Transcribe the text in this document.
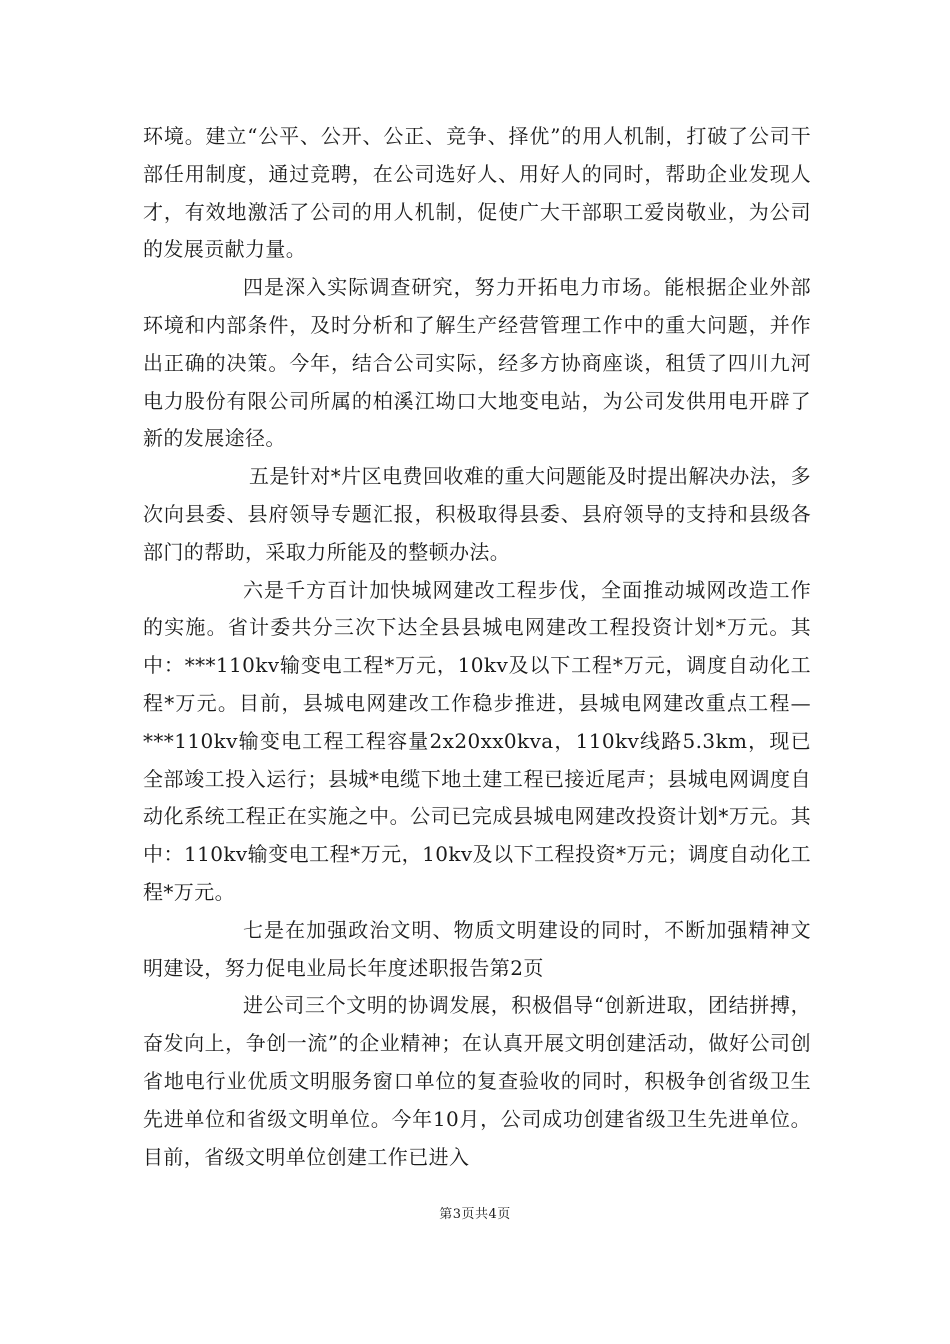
环境。建立“公平、公开、公正、竞争、择优”的用人机制，打破了公司干部任用制度，通过竞聘，在公司选好人、用好人的同时，帮助企业发现人才，有效地激活了公司的用人机制，促使广大干部职工爱岗敬业，为公司的发展贡献力量。

四是深入实际调查研究，努力开拓电力市场。能根据企业外部环境和内部条件，及时分析和了解生产经营管理工作中的重大问题，并作出正确的决策。今年，结合公司实际，经多方协商座谈，租赁了四川九河电力股份有限公司所属的柏溪江坳口大地变电站，为公司发供用电开辟了新的发展途径。

五是针对*片区电费回收难的重大问题能及时提出解决办法，多次向县委、县府领导专题汇报，积极取得县委、县府领导的支持和县级各部门的帮助，采取力所能及的整顿办法。

六是千方百计加快城网建改工程步伐，全面推动城网改造工作的实施。省计委共分三次下达全县县城电网建改工程投资计划*万元。其中：***110kv输变电工程*万元，10kv及以下工程*万元，调度自动化工程*万元。目前，县城电网建改工作稳步推进，县城电网建改重点工程—***110kv输变电工程工程容量2x20xx0kva，110kv线路5.3km，现已全部竣工投入运行；县城*电缆下地土建工程已接近尾声；县城电网调度自动化系统工程正在实施之中。公司已完成县城电网建改投资计划*万元。其中：110kv输变电工程*万元，10kv及以下工程投资*万元；调度自动化工程*万元。

七是在加强政治文明、物质文明建设的同时，不断加强精神文明建设，努力促电业局长年度述职报告第2页

进公司三个文明的协调发展，积极倡导“创新进取，团结拼搏，奋发向上，争创一流”的企业精神；在认真开展文明创建活动，做好公司创省地电行业优质文明服务窗口单位的复查验收的同时，积极争创省级卫生先进单位和省级文明单位。今年10月，公司成功创建省级卫生先进单位。目前，省级文明单位创建工作已进入

第3页共4页
